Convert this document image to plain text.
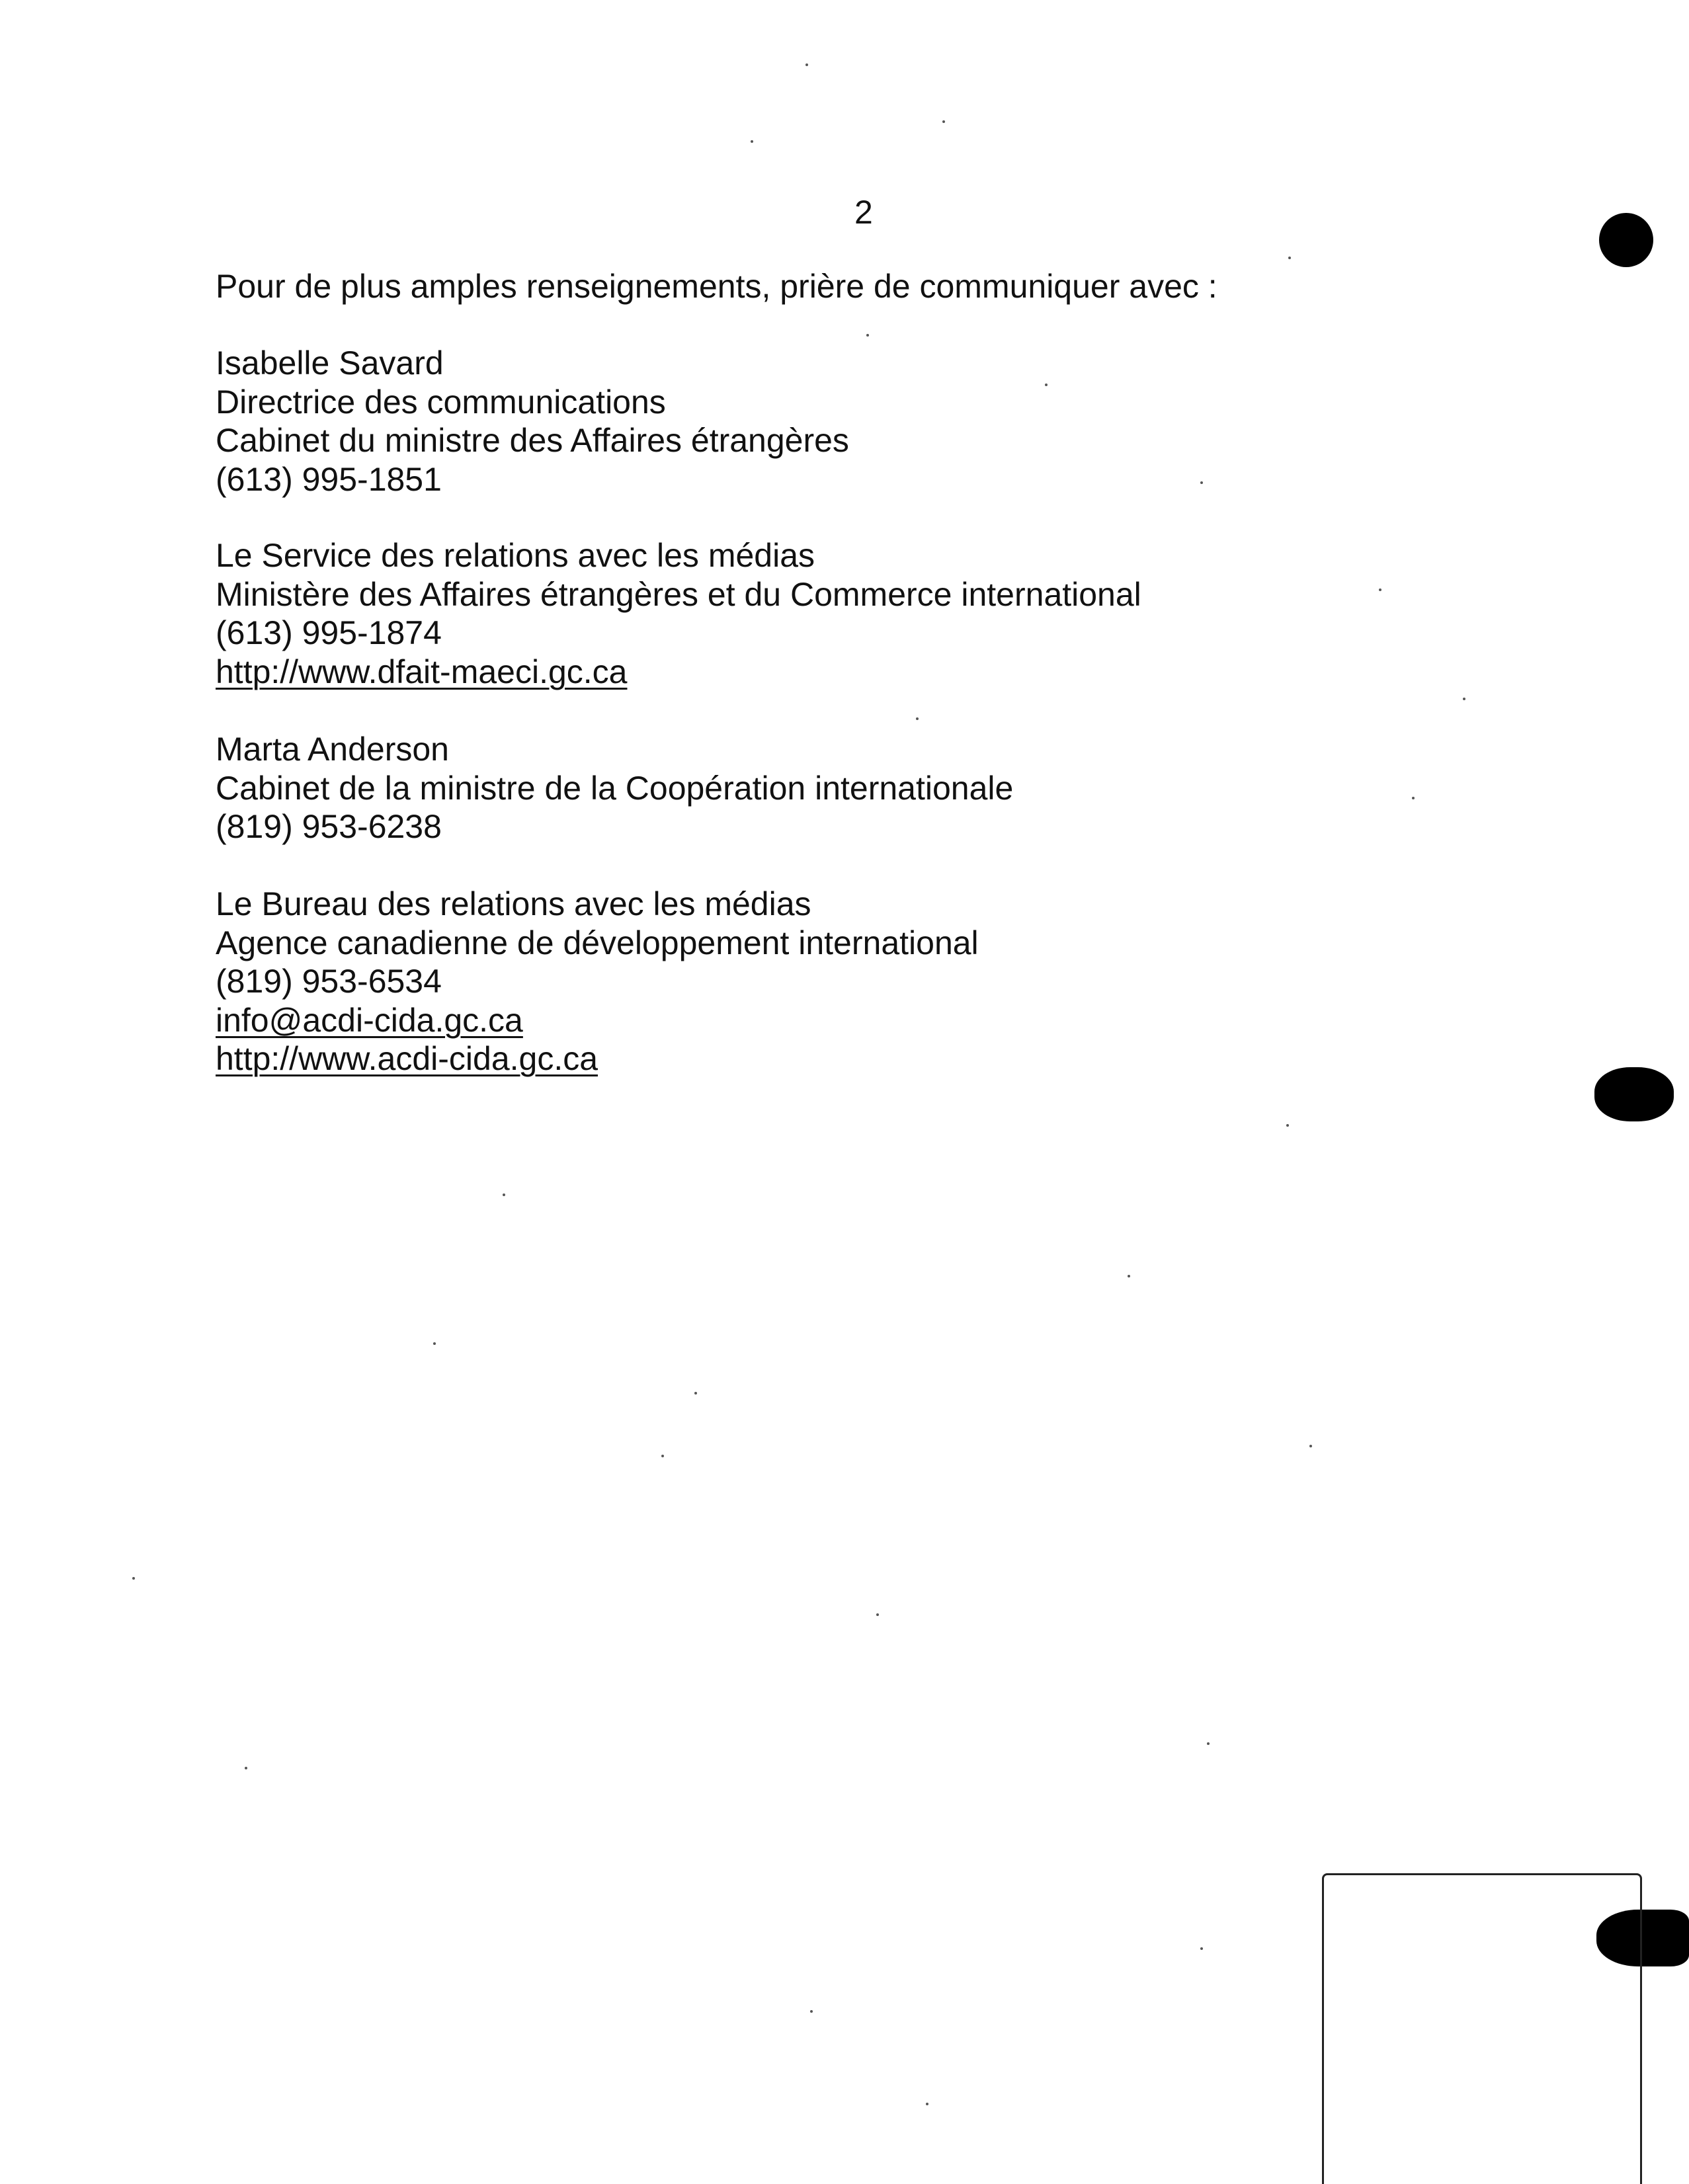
2
Pour de plus amples renseignements, prière de communiquer avec :
Isabelle Savard
Directrice des communications
Cabinet du ministre des Affaires étrangères
(613) 995-1851
Le Service des relations avec les médias
Ministère des Affaires étrangères et du Commerce international
(613) 995-1874
http://www.dfait-maeci.gc.ca
Marta Anderson
Cabinet de la ministre de la Coopération internationale
(819) 953-6238
Le Bureau des relations avec les médias
Agence canadienne de développement international
(819) 953-6534
info@acdi-cida.gc.ca
http://www.acdi-cida.gc.ca
